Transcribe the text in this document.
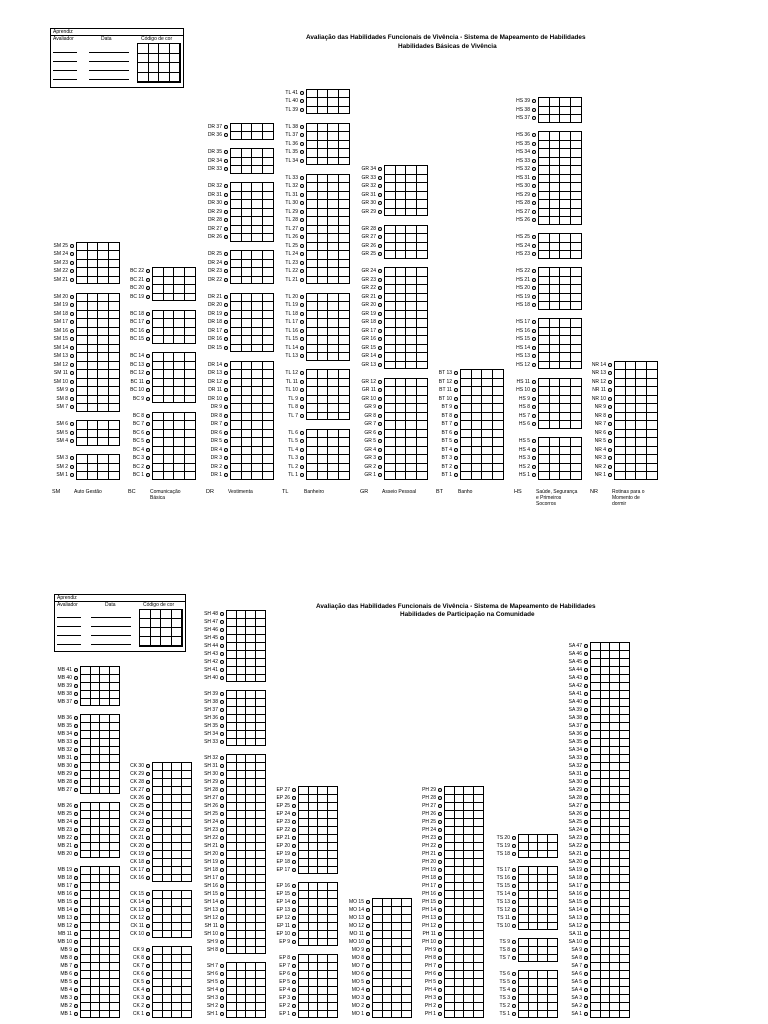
Aprendiz
Avaliador	Data	Código de cor	Avaliação das Habilidades Funcionais de Vivência - Sistema de Mapeamento de Habilidades
Habilidades Básicas de Vivência
SM 25
SM 24
SM 23
SM 22
SM 21
SM 20
SM 19
SM 18
SM 17
SM 16
SM 15
SM 14
SM 13
SM 12
SM 11
SM 10
SM 9
SM 8
SM 7
SM 6
SM 5
SM 4
SM 3
SM 2
SM 1
SM	Auto Gestão
BC 22
BC 21
BC 20
BC 19
BC 18
BC 17
BC 16
BC 15
BC 14
BC 13
BC 12
BC 11
BC 10
BC 9
BC 8
BC 7
BC 6
BC 5
BC 4
BC 3
BC 2
BC 1
BC	Comunicação Básica
DR 37
DR 36
DR 35
DR 34
DR 33
DR 32
DR 31
DR 30
DR 29
DR 28
DR 27
DR 26
DR 25
DR 24
DR 23
DR 22
DR 21
DR 20
DR 19
DR 18
DR 17
DR 16
DR 15
DR 14
DR 13
DR 12
DR 11
DR 10
DR 9
DR 8
DR 7
DR 6
DR 5
DR 4
DR 3
DR 2
DR 1
DR	Vestimenta
TL 41
TL 40
TL 39
TL 38
TL 37
TL 36
TL 35
TL 34
TL 33
TL 32
TL 31
TL 30
TL 29
TL 28
TL 27
TL 26
TL 25
TL 24
TL 23
TL 22
TL 21
TL 20
TL 19
TL 18
TL 17
TL 16
TL 15
TL 14
TL 13
TL 12
TL 11
TL 10
TL 9
TL 8
TL 7
TL 6
TL 5
TL 4
TL 3
TL 2
TL 1
TL	Banheiro
GR 34
GR 33
GR 32
GR 31
GR 30
GR 29
GR 28
GR 27
GR 26
GR 25
GR 24
GR 23
GR 22
GR 21
GR 20
GR 19
GR 18
GR 17
GR 16
GR 15
GR 14
GR 13
GR 12
GR 11
GR 10
GR 9
GR 8
GR 7
GR 6
GR 5
GR 4
GR 3
GR 2
GR 1
GR	Asseio Pessoal
BT 13
BT 12
BT 11
BT 10
BT 9
BT 8
BT 7
BT 6
BT 5
BT 4
BT 3
BT 2
BT 1
BT	Banho
HS 39
HS 38
HS 37
HS 36
HS 35
HS 34
HS 33
HS 32
HS 31
HS 30
HS 29
HS 28
HS 27
HS 26
HS 25
HS 24
HS 23
HS 22
HS 21
HS 20
HS 19
HS 18
HS 17
HS 16
HS 15
HS 14
HS 13
HS 12
HS 11
HS 10
HS 9
HS 8
HS 7
HS 6
HS 5
HS 4
HS 3
HS 2
HS 1
HS	Saúde, Segurança e Primeiros Socorros
NR 14
NR 13
NR 12
NR 11
NR 10
NR 9
NR 8
NR 7
NR 6
NR 5
NR 4
NR 3
NR 2
NR 1
NR	Rotinas para o Momento de dormir
Aprendiz
Avaliador	Data	Código de cor	Avaliação das Habilidades Funcionais de Vivência - Sistema de Mapeamento de Habilidades
Habilidades de Participação na Comunidade
MB 41
MB 40
MB 39
MB 38
MB 37
MB 36
MB 35
MB 34
MB 33
MB 32
MB 31
MB 30
MB 29
MB 28
MB 27
MB 26
MB 25
MB 24
MB 23
MB 22
MB 21
MB 20
MB 19
MB 18
MB 17
MB 16
MB 15
MB 14
MB 13
MB 12
MB 11
MB 10
MB 9
MB 8
MB 7
MB 6
MB 5
MB 4
MB 3
MB 2
MB 1
CK 30
CK 29
CK 28
CK 27
CK 26
CK 25
CK 24
CK 23
CK 22
CK 21
CK 20
CK 19
CK 18
CK 17
CK 16
CK 15
CK 14
CK 13
CK 12
CK 11
CK 10
CK 9
CK 8
CK 7
CK 6
CK 5
CK 4
CK 3
CK 2
CK 1
SH 48
SH 47
SH 46
SH 45
SH 44
SH 43
SH 42
SH 41
SH 40
SH 39
SH 38
SH 37
SH 36
SH 35
SH 34
SH 33
SH 32
SH 31
SH 30
SH 29
SH 28
SH 27
SH 26
SH 25
SH 24
SH 23
SH 22
SH 21
SH 20
SH 19
SH 18
SH 17
SH 16
SH 15
SH 14
SH 13
SH 12
SH 11
SH 10
SH 9
SH 8
SH 7
SH 6
SH 5
SH 4
SH 3
SH 2
SH 1
EP 27
EP 26
EP 25
EP 24
EP 23
EP 22
EP 21
EP 20
EP 19
EP 18
EP 17
EP 16
EP 15
EP 14
EP 13
EP 12
EP 11
EP 10
EP 9
EP 8
EP 7
EP 6
EP 5
EP 4
EP 3
EP 2
EP 1
MO 15
MO 14
MO 13
MO 12
MO 11
MO 10
MO 9
MO 8
MO 7
MO 6
MO 5
MO 4
MO 3
MO 2
MO 1
PH 29
PH 28
PH 27
PH 26
PH 25
PH 24
PH 23
PH 22
PH 21
PH 20
PH 19
PH 18
PH 17
PH 16
PH 15
PH 14
PH 13
PH 12
PH 11
PH 10
PH 9
PH 8
PH 7
PH 6
PH 5
PH 4
PH 3
PH 2
PH 1
TS 20
TS 19
TS 18
TS 17
TS 16
TS 15
TS 14
TS 13
TS 12
TS 11
TS 10
TS 9
TS 8
TS 7
TS 6
TS 5
TS 4
TS 3
TS 2
TS 1
SA 47
SA 46
SA 45
SA 44
SA 43
SA 42
SA 41
SA 40
SA 39
SA 38
SA 37
SA 36
SA 35
SA 34
SA 33
SA 32
SA 31
SA 30
SA 29
SA 28
SA 27
SA 26
SA 25
SA 24
SA 23
SA 22
SA 21
SA 20
SA 19
SA 18
SA 17
SA 16
SA 15
SA 14
SA 13
SA 12
SA 11
SA 10
SA 9
SA 8
SA 7
SA 6
SA 5
SA 4
SA 3
SA 2
SA 1
